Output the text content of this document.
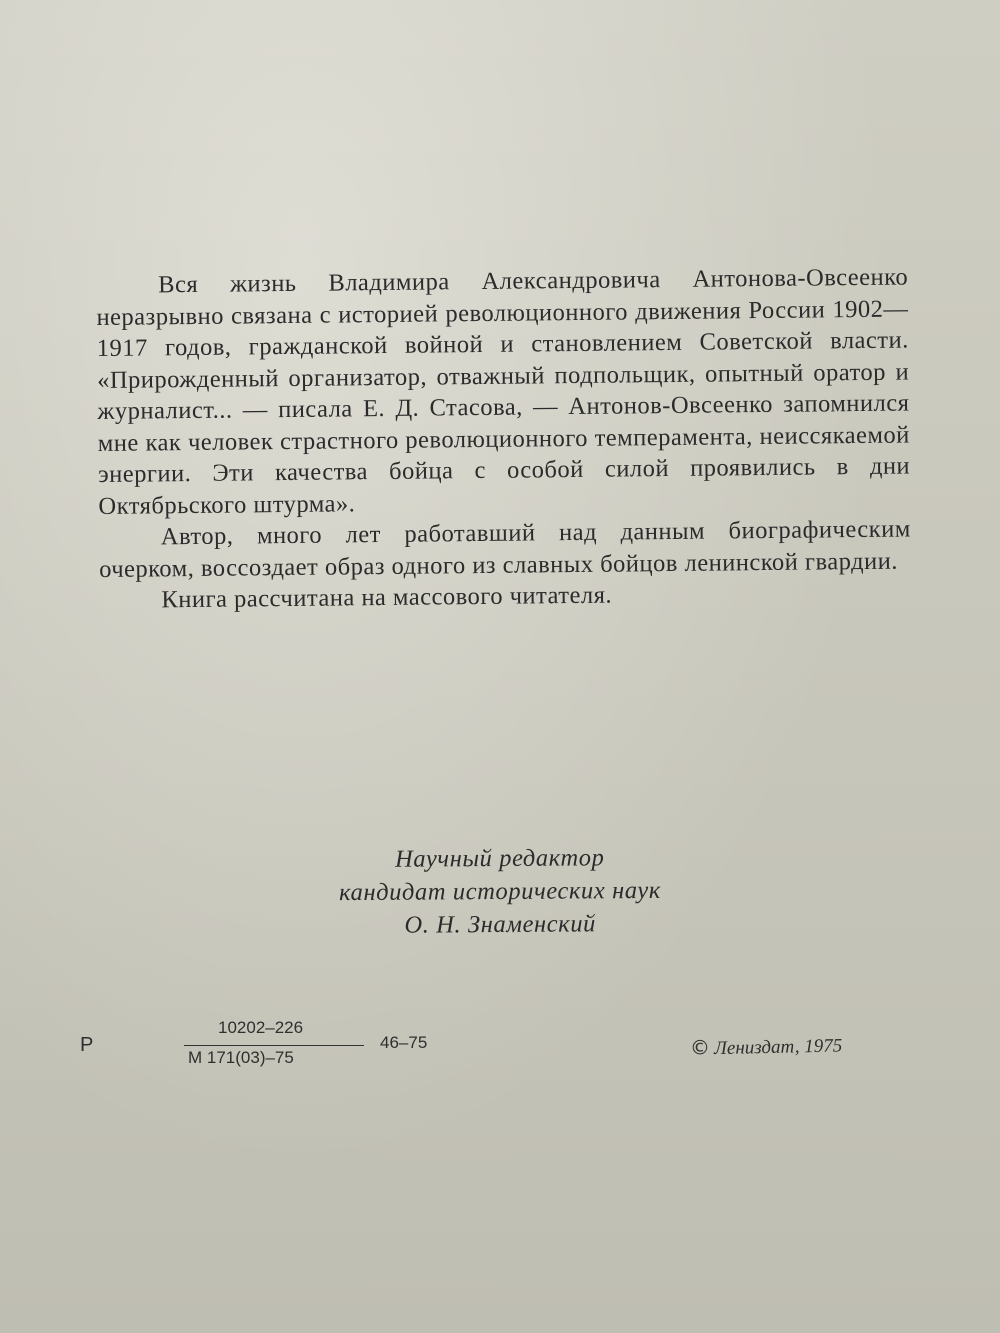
Вся жизнь Владимира Александровича Антонова-Овсеенко неразрывно связана с историей революционного движения России 1902—1917 годов, гражданской войной и становлением Советской власти. «Прирожденный организатор, отважный подпольщик, опытный оратор и журналист... — писала Е. Д. Стасова, — Антонов-Овсеенко запомнился мне как человек страстного революционного темперамента, неиссякаемой энергии. Эти качества бойца с особой силой проявились в дни Октябрьского штурма».

Автор, много лет работавший над данным биографическим очерком, воссоздает образ одного из славных бойцов ленинской гвардии.

Книга рассчитана на массового читателя.

Научный редактор
кандидат исторических наук
О. Н. Знаменский
Р
10202–226
М 171(03)–75
46–75	© Лениздат, 1975
